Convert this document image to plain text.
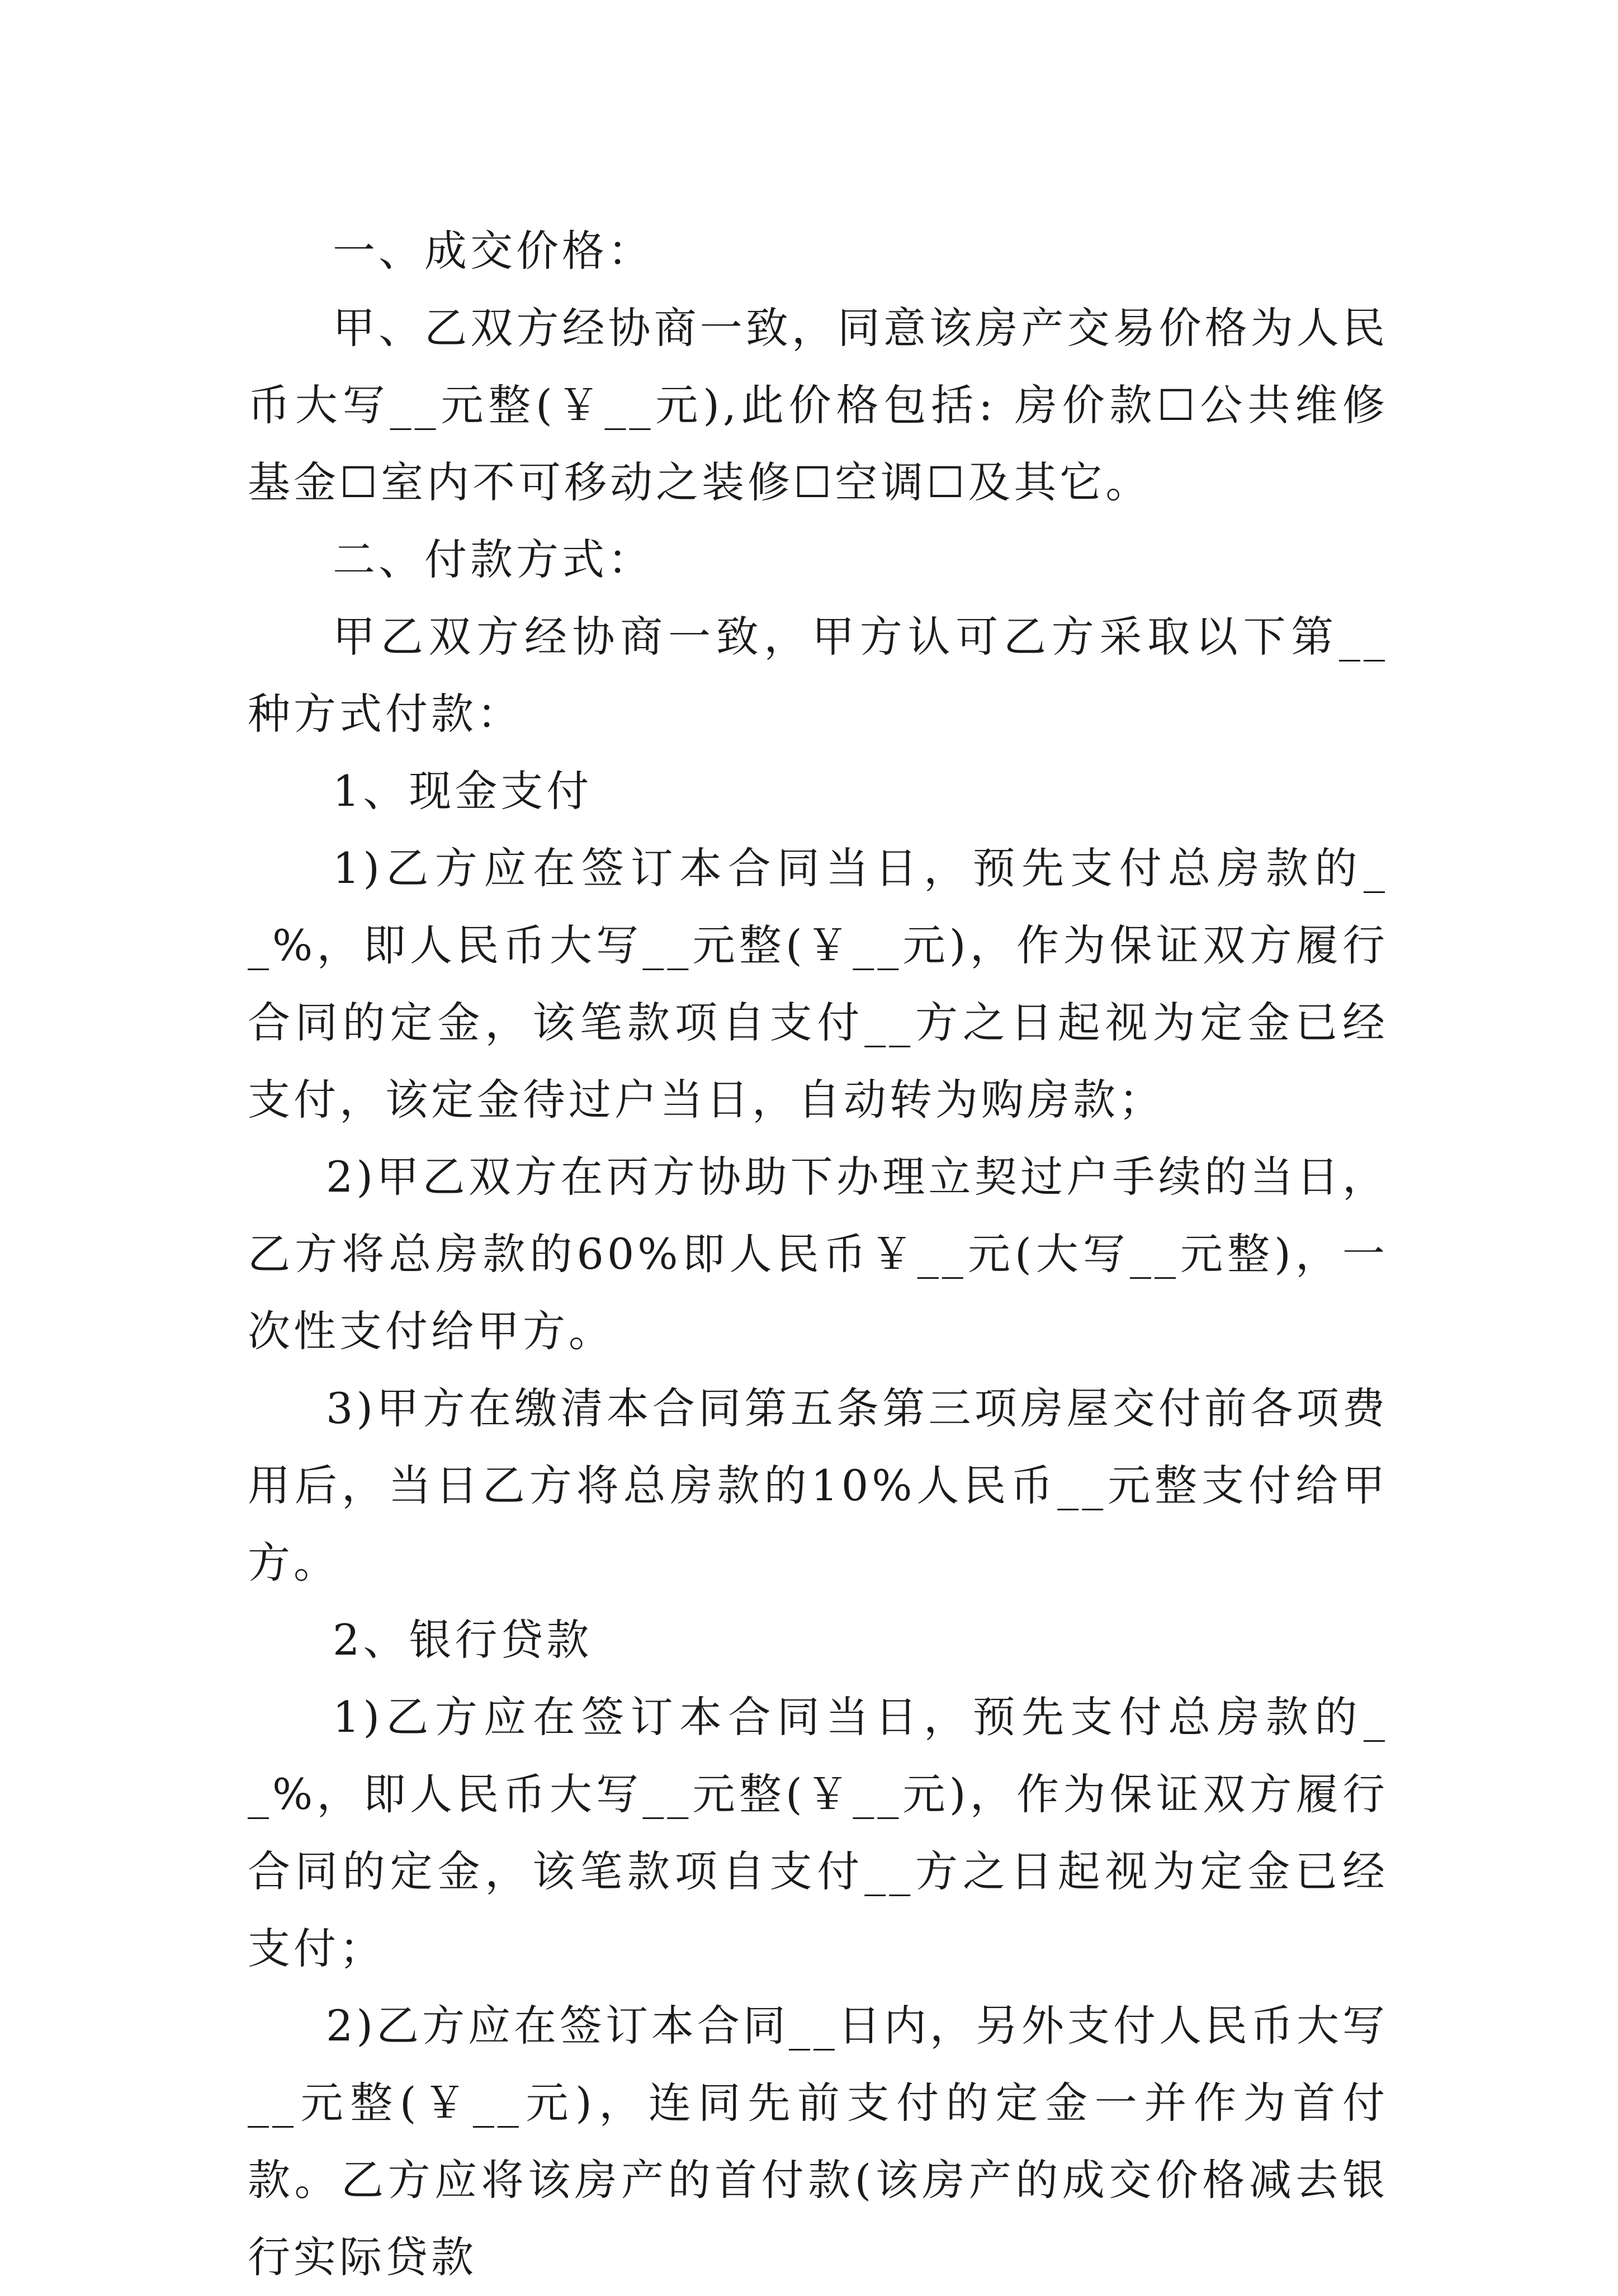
一、成交价格：

甲、乙双方经协商一致，同意该房产交易价格为人民币大写__元整(￥__元),此价格包括: 房价款☐公共维修基金☐室内不可移动之装修☐空调☐及其它。

二、付款方式：

甲乙双方经协商一致，甲方认可乙方采取以下第__种方式付款：

1、现金支付

1)乙方应在签订本合同当日，预先支付总房款的__%，即人民币大写__元整(￥__元)，作为保证双方履行合同的定金，该笔款项自支付__方之日起视为定金已经支付，该定金待过户当日，自动转为购房款；

2)甲乙双方在丙方协助下办理立契过户手续的当日，乙方将总房款的60%即人民币￥__元(大写__元整)，一次性支付给甲方。

3)甲方在缴清本合同第五条第三项房屋交付前各项费用后，当日乙方将总房款的10%人民币__元整支付给甲方。

2、银行贷款

1)乙方应在签订本合同当日，预先支付总房款的__%，即人民币大写__元整(￥__元)，作为保证双方履行合同的定金，该笔款项自支付__方之日起视为定金已经支付；

2)乙方应在签订本合同__日内，另外支付人民币大写__元整(￥__元)，连同先前支付的定金一并作为首付款。乙方应将该房产的首付款(该房产的成交价格减去银行实际贷款
